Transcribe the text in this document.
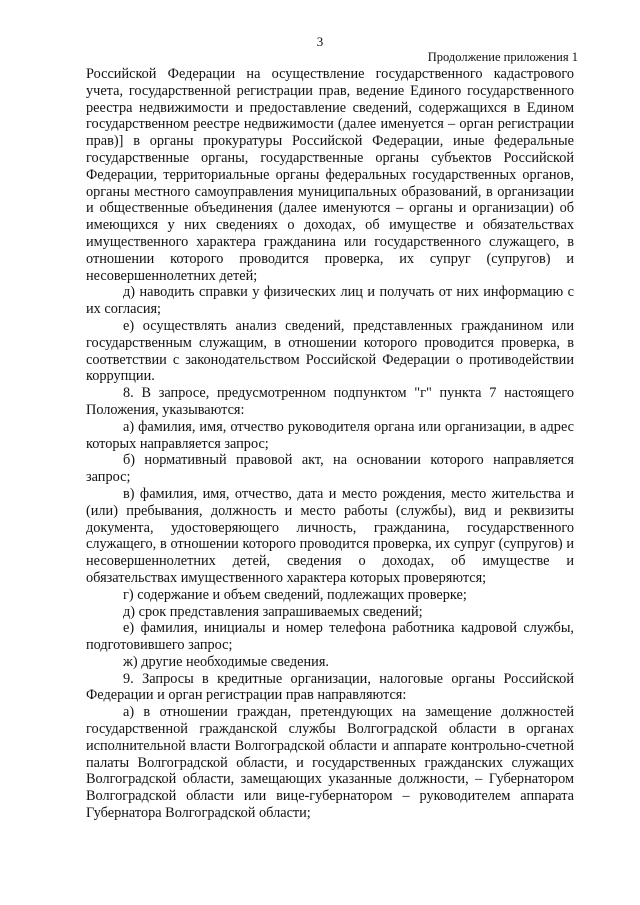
3
Продолжение приложения 1

Российской Федерации на осуществление государственного кадастрового учета, государственной регистрации прав, ведение Единого государственного реестра недвижимости и предоставление сведений, содержащихся в Едином государственном реестре недвижимости (далее именуется – орган регистрации прав)] в органы прокуратуры Российской Федерации, иные федеральные государственные органы, государственные органы субъектов Российской Федерации, территориальные органы федеральных государственных органов, органы местного самоуправления муниципальных образований, в организации и общественные объединения (далее именуются – органы и организации) об имеющихся у них сведениях о доходах, об имуществе и обязательствах имущественного характера гражданина или государственного служащего, в отношении которого проводится проверка, их супруг (супругов) и несовершеннолетних детей;

д) наводить справки у физических лиц и получать от них информацию с их согласия;

е) осуществлять анализ сведений, представленных гражданином или государственным служащим, в отношении которого проводится проверка, в соответствии с законодательством Российской Федерации о противодействии коррупции.

8. В запросе, предусмотренном подпунктом "г" пункта 7 настоящего Положения, указываются:

а) фамилия, имя, отчество руководителя органа или организации, в адрес которых направляется запрос;

б) нормативный правовой акт, на основании которого направляется запрос;

в) фамилия, имя, отчество, дата и место рождения, место жительства и (или) пребывания, должность и место работы (службы), вид и реквизиты документа, удостоверяющего личность, гражданина, государственного служащего, в отношении которого проводится проверка, их супруг (супругов) и несовершеннолетних детей, сведения о доходах, об имуществе и обязательствах имущественного характера которых проверяются;

г) содержание и объем сведений, подлежащих проверке;

д) срок представления запрашиваемых сведений;

е) фамилия, инициалы и номер телефона работника кадровой службы, подготовившего запрос;

ж) другие необходимые сведения.

9. Запросы в кредитные организации, налоговые органы Российской Федерации и орган регистрации прав направляются:

а) в отношении граждан, претендующих на замещение должностей государственной гражданской службы Волгоградской области в органах исполнительной власти Волгоградской области и аппарате контрольно-счетной палаты Волгоградской области, и государственных гражданских служащих Волгоградской области, замещающих указанные должности, – Губернатором Волгоградской области или вице-губернатором – руководителем аппарата Губернатора Волгоградской области;
